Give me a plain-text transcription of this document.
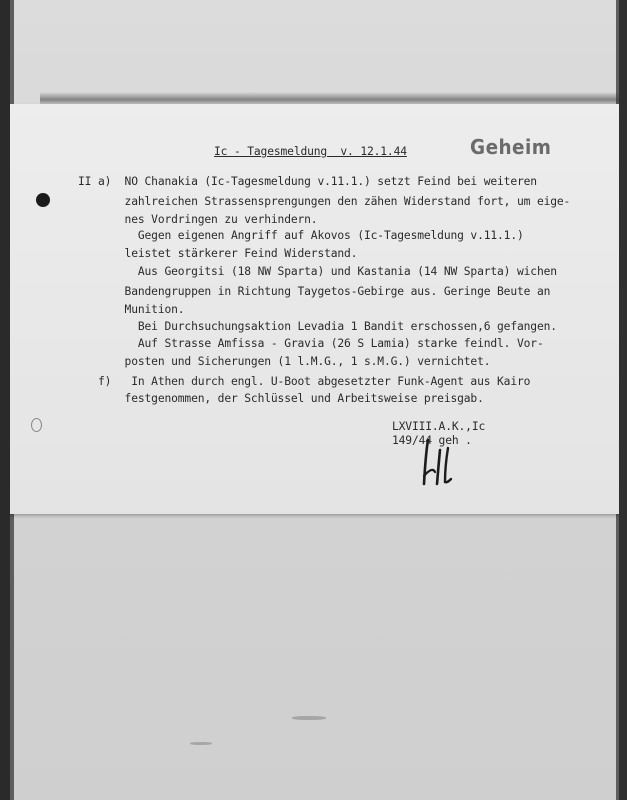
Ic - Tagesmeldung  v. 12.1.44	Geheim
II a)  NO Chanakia (Ic-Tagesmeldung v.11.1.) setzt Feind bei weiteren
zahlreichen Strassensprengungen den zähen Widerstand fort, um eige-
nes Vordringen zu verhindern.
Gegen eigenen Angriff auf Akovos (Ic-Tagesmeldung v.11.1.)
leistet stärkerer Feind Widerstand.
Aus Georgitsi (18 NW Sparta) und Kastania (14 NW Sparta) wichen
Bandengruppen in Richtung Taygetos-Gebirge aus. Geringe Beute an
Munition.
Bei Durchsuchungsaktion Levadia 1 Bandit erschossen,6 gefangen.
Auf Strasse Amfissa - Gravia (26 S Lamia) starke feindl. Vor-
posten und Sicherungen (1 l.M.G., 1 s.M.G.) vernichtet.
f)   In Athen durch engl. U-Boot abgesetzter Funk-Agent aus Kairo
festgenommen, der Schlüssel und Arbeitsweise preisgab.
LXVIII.A.K.,Ic
149/44 geh .
